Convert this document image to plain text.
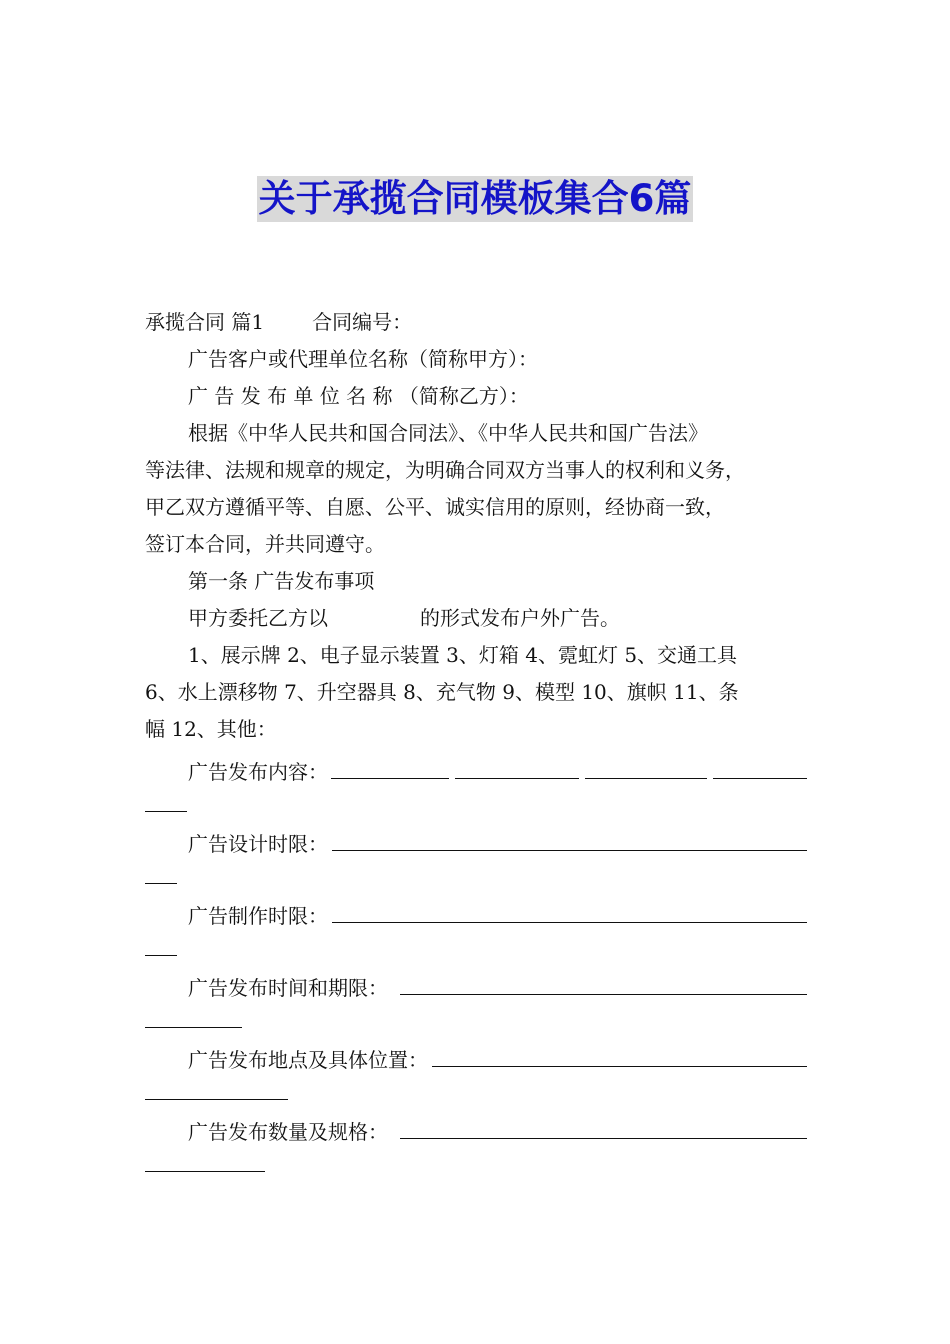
关于承揽合同模板集合6篇
承揽合同 篇1 合同编号：
广告客户或代理单位名称（简称甲方）：
广 告 发 布 单 位 名 称 （简称乙方）：
根据《中华人民共和国合同法》、《中华人民共和国广告法》
等法律、法规和规章的规定，为明确合同双方当事人的权利和义务，
甲乙双方遵循平等、自愿、公平、诚实信用的原则，经协商一致，
签订本合同，并共同遵守。
第一条 广告发布事项
甲方委托乙方以	的形式发布户外广告。
1、展示牌 2、电子显示装置 3、灯箱 4、霓虹灯 5、交通工具
6、水上漂移物 7、升空器具 8、充气物 9、模型 10、旗帜 11、条
幅 12、其他：
广告发布内容：
广告设计时限：
广告制作时限：
广告发布时间和期限：
广告发布地点及具体位置：
广告发布数量及规格：
